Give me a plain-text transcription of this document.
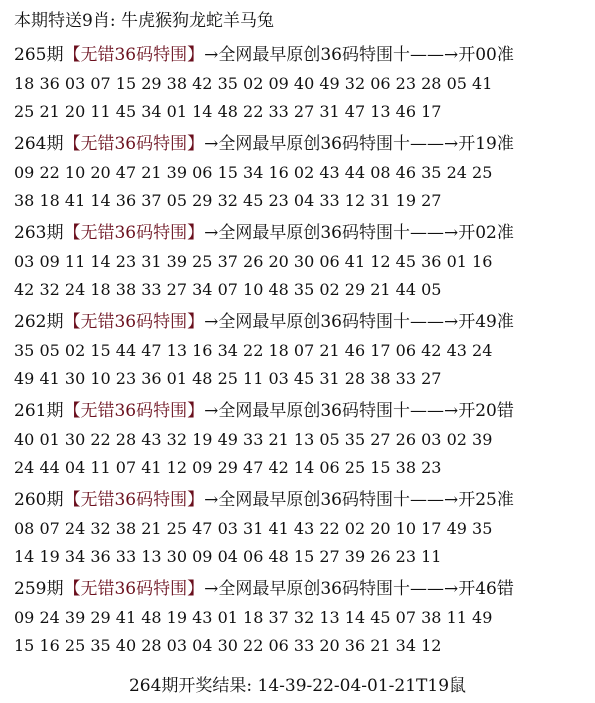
本期特送9肖: 牛虎猴狗龙蛇羊马兔
265期【无错36码特围】→全网最早原创36码特围十——→开00准
18 36 03 07 15 29 38 42 35 02 09 40 49 32 06 23 28 05 41
25 21 20 11 45 34 01 14 48 22 33 27 31 47 13 46 17
264期【无错36码特围】→全网最早原创36码特围十——→开19准
09 22 10 20 47 21 39 06 15 34 16 02 43 44 08 46 35 24 25
38 18 41 14 36 37 05 29 32 45 23 04 33 12 31 19 27
263期【无错36码特围】→全网最早原创36码特围十——→开02准
03 09 11 14 23 31 39 25 37 26 20 30 06 41 12 45 36 01 16
42 32 24 18 38 33 27 34 07 10 48 35 02 29 21 44 05
262期【无错36码特围】→全网最早原创36码特围十——→开49准
35 05 02 15 44 47 13 16 34 22 18 07 21 46 17 06 42 43 24
49 41 30 10 23 36 01 48 25 11 03 45 31 28 38 33 27
261期【无错36码特围】→全网最早原创36码特围十——→开20错
40 01 30 22 28 43 32 19 49 33 21 13 05 35 27 26 03 02 39
24 44 04 11 07 41 12 09 29 47 42 14 06 25 15 38 23
260期【无错36码特围】→全网最早原创36码特围十——→开25准
08 07 24 32 38 21 25 47 03 31 41 43 22 02 20 10 17 49 35
14 19 34 36 33 13 30 09 04 06 48 15 27 39 26 23 11
259期【无错36码特围】→全网最早原创36码特围十——→开46错
09 24 39 29 41 48 19 43 01 18 37 32 13 14 45 07 38 11 49
15 16 25 35 40 28 03 04 30 22 06 33 20 36 21 34 12
264期开奖结果: 14-39-22-04-01-21T19鼠
